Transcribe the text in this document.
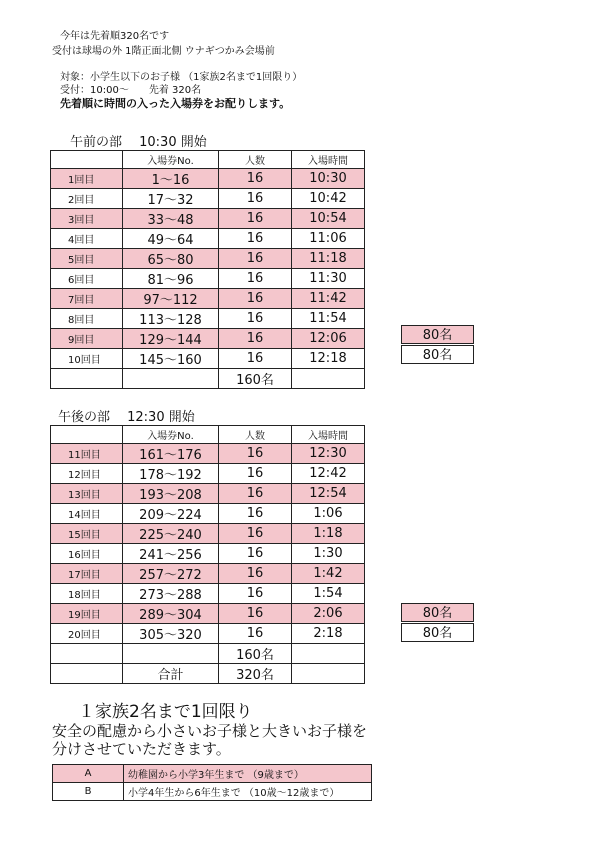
今年は先着順320名です
受付は球場の外 1階正面北側 ウナギつかみ会場前
対象：小学生以下のお子様 （1家族2名まで1回限り）
受付：10:00～　　先着 320名
先着順に時間の入った入場券をお配りします。
午前の部　 10:30 開始
	入場券No.	人数	入場時間
1回目	1～16	16	10:30
2回目	17～32	16	10:42
3回目	33～48	16	10:54
4回目	49～64	16	11:06
5回目	65～80	16	11:18
6回目	81～96	16	11:30
7回目	97～112	16	11:42
8回目	113～128	16	11:54
9回目	129～144	16	12:06
10回目	145～160	16	12:18
		160名	
80名
80名
午後の部　 12:30 開始
	入場券No.	人数	入場時間
11回目	161～176	16	12:30
12回目	178～192	16	12:42
13回目	193～208	16	12:54
14回目	209～224	16	1:06
15回目	225～240	16	1:18
16回目	241～256	16	1:30
17回目	257～272	16	1:42
18回目	273～288	16	1:54
19回目	289～304	16	2:06
20回目	305～320	16	2:18
		160名	
	合計	320名	
80名
80名
１家族2名まで1回限り
安全の配慮から小さいお子様と大きいお子様を
分けさせていただきます。
A	幼稚園から小学3年生まで （9歳まで）
B	小学4年生から6年生まで （10歳～12歳まで）
